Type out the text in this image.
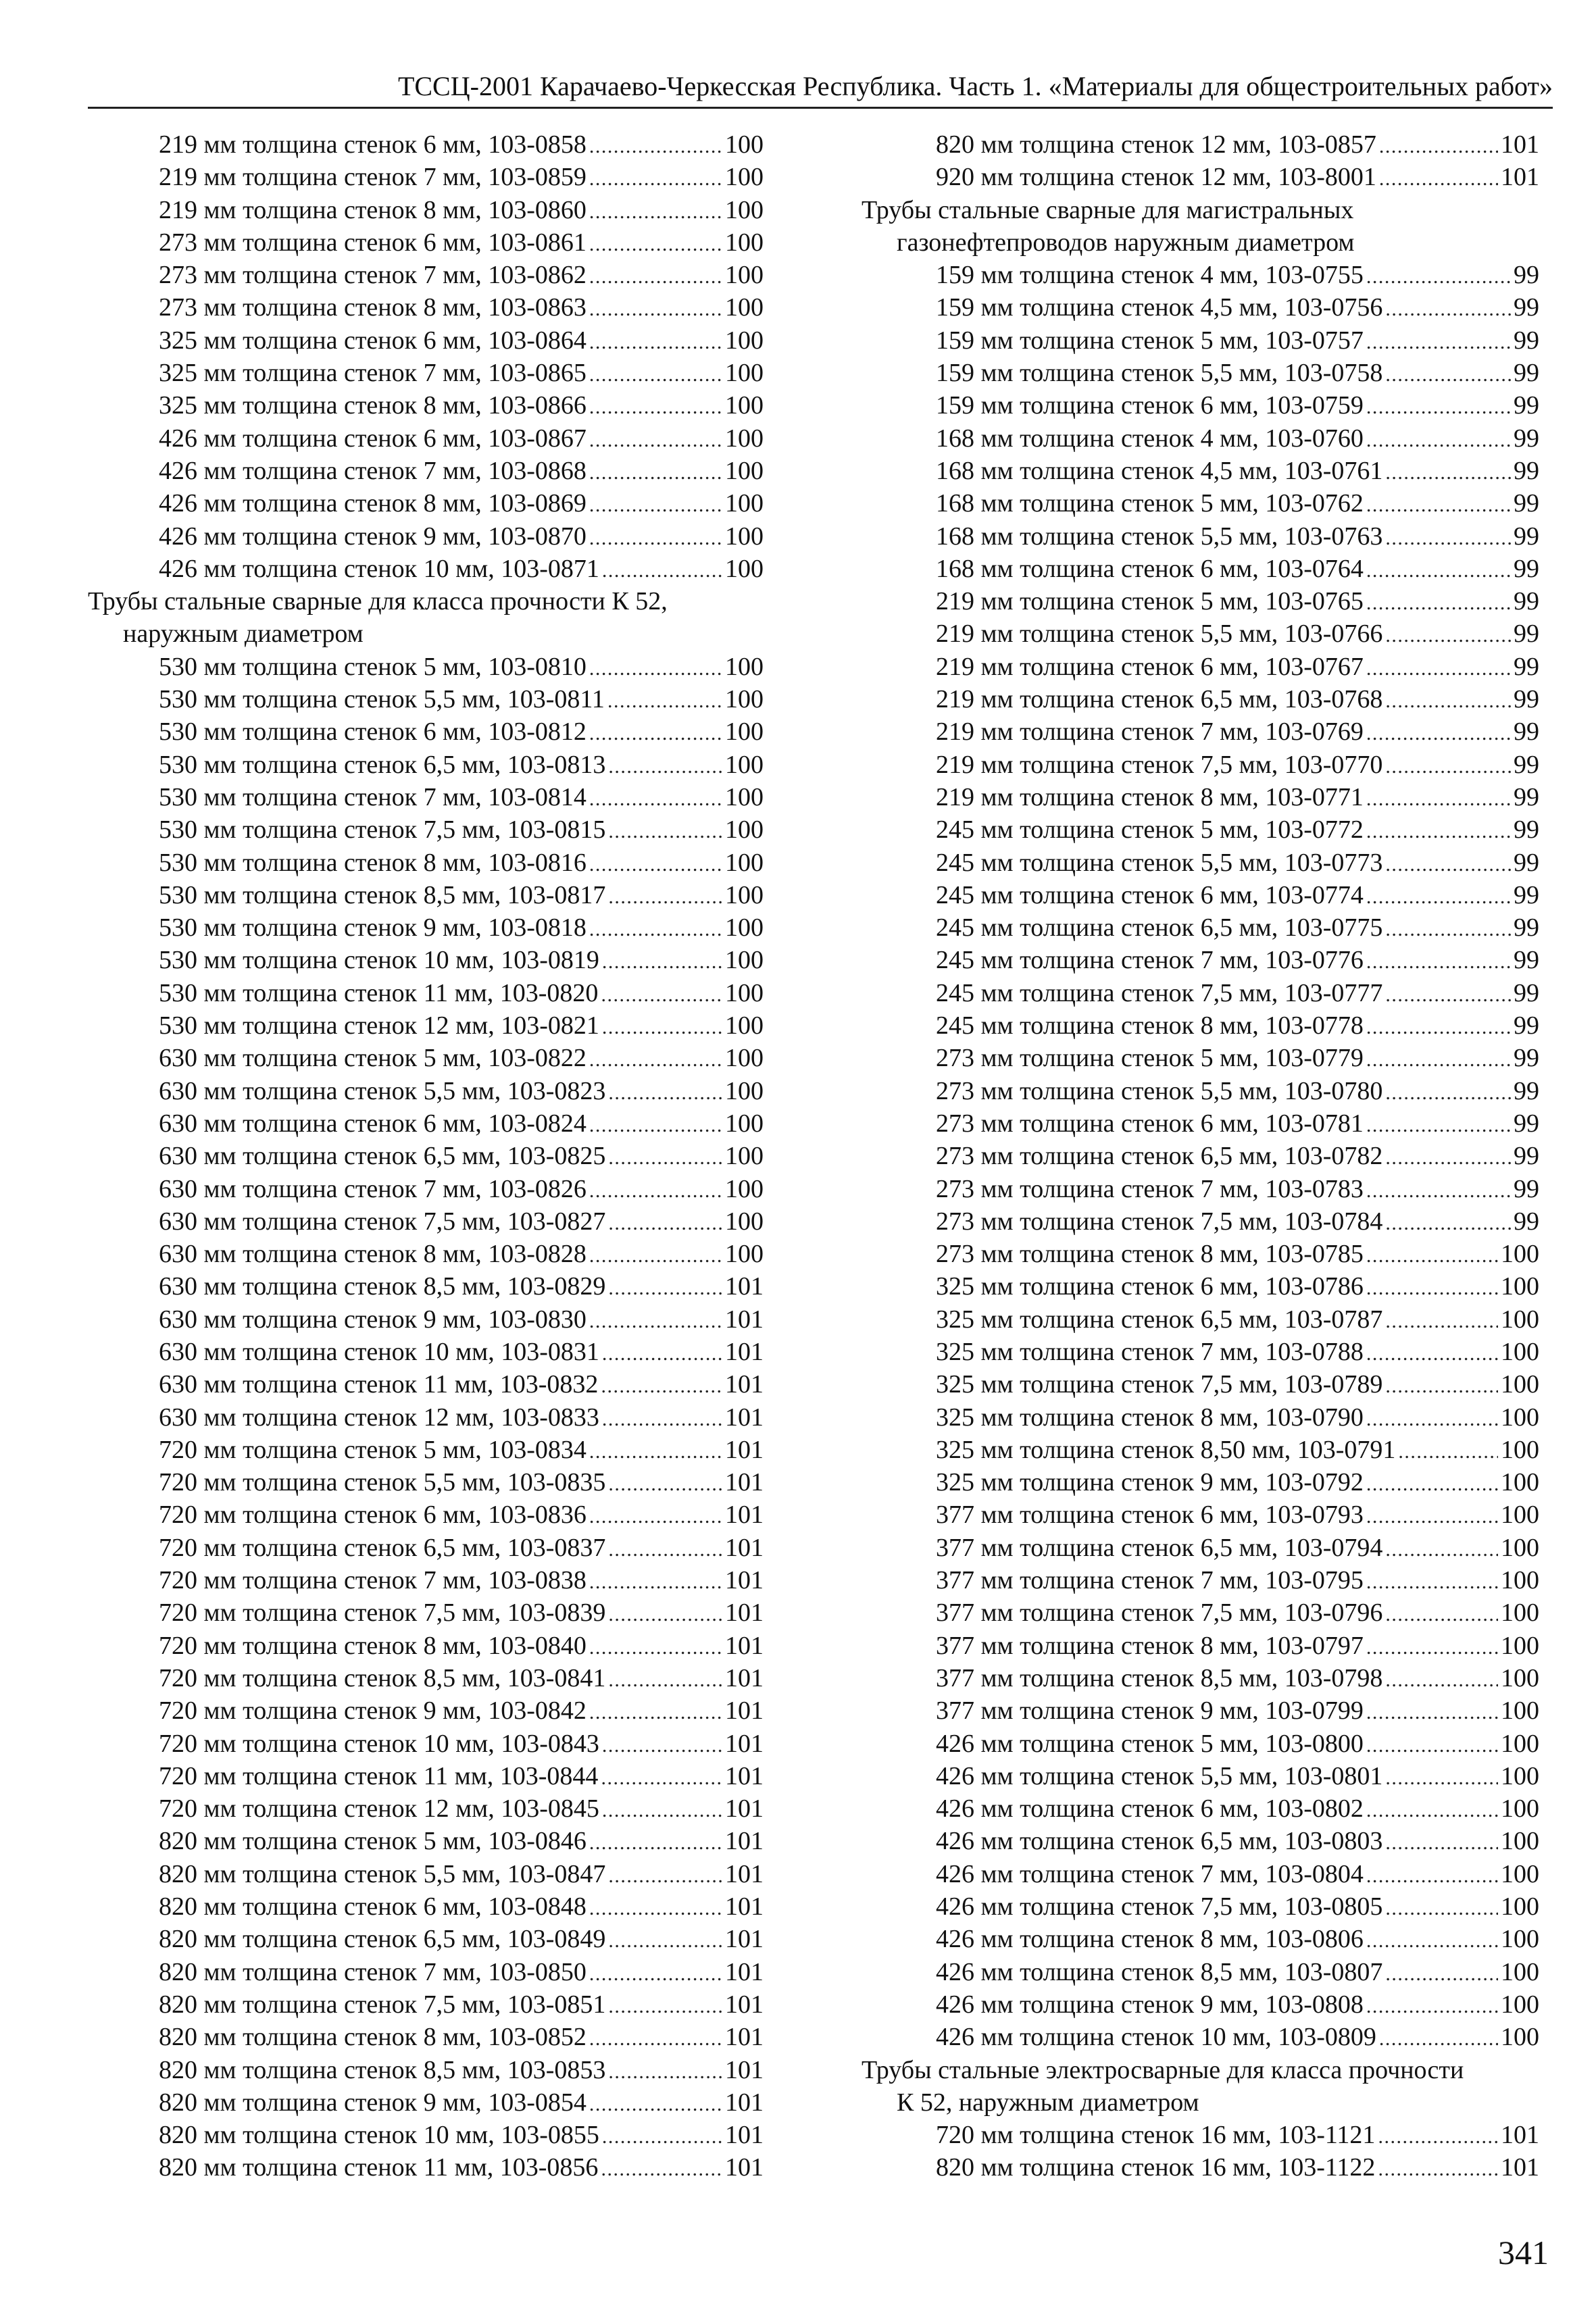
ТССЦ-2001 Карачаево-Черкесская Республика. Часть 1. «Материалы для общестроительных работ»
219 мм толщина стенок 6 мм, 103-0858 . . .	100
219 мм толщина стенок 7 мм, 103-0859 . . .	100
219 мм толщина стенок 8 мм, 103-0860 . . .	100
273 мм толщина стенок 6 мм, 103-0861 . . .	100
273 мм толщина стенок 7 мм, 103-0862 . . .	100
273 мм толщина стенок 8 мм, 103-0863 . . .	100
325 мм толщина стенок 6 мм, 103-0864 . . .	100
325 мм толщина стенок 7 мм, 103-0865 . . .	100
325 мм толщина стенок 8 мм, 103-0866 . . .	100
426 мм толщина стенок 6 мм, 103-0867 . . .	100
426 мм толщина стенок 7 мм, 103-0868 . . .	100
426 мм толщина стенок 8 мм, 103-0869 . . .	100
426 мм толщина стенок 9 мм, 103-0870 . . .	100
426 мм толщина стенок 10 мм, 103-0871 . . .	100
Трубы стальные сварные для класса прочности К 52,
наружным диаметром
530 мм толщина стенок 5 мм, 103-0810 . . .	100
530 мм толщина стенок 5,5 мм, 103-0811 . . .	100
530 мм толщина стенок 6 мм, 103-0812 . . .	100
530 мм толщина стенок 6,5 мм, 103-0813 . . .	100
530 мм толщина стенок 7 мм, 103-0814 . . .	100
530 мм толщина стенок 7,5 мм, 103-0815 . . .	100
530 мм толщина стенок 8 мм, 103-0816 . . .	100
530 мм толщина стенок 8,5 мм, 103-0817 . . .	100
530 мм толщина стенок 9 мм, 103-0818 . . .	100
530 мм толщина стенок 10 мм, 103-0819 . . .	100
530 мм толщина стенок 11 мм, 103-0820 . . .	100
530 мм толщина стенок 12 мм, 103-0821 . . .	100
630 мм толщина стенок 5 мм, 103-0822 . . .	100
630 мм толщина стенок 5,5 мм, 103-0823 . . .	100
630 мм толщина стенок 6 мм, 103-0824 . . .	100
630 мм толщина стенок 6,5 мм, 103-0825 . . .	100
630 мм толщина стенок 7 мм, 103-0826 . . .	100
630 мм толщина стенок 7,5 мм, 103-0827 . . .	100
630 мм толщина стенок 8 мм, 103-0828 . . .	100
630 мм толщина стенок 8,5 мм, 103-0829 . . .	101
630 мм толщина стенок 9 мм, 103-0830 . . .	101
630 мм толщина стенок 10 мм, 103-0831 . . .	101
630 мм толщина стенок 11 мм, 103-0832 . . .	101
630 мм толщина стенок 12 мм, 103-0833 . . .	101
720 мм толщина стенок 5 мм, 103-0834 . . .	101
720 мм толщина стенок 5,5 мм, 103-0835 . . .	101
720 мм толщина стенок 6 мм, 103-0836 . . .	101
720 мм толщина стенок 6,5 мм, 103-0837 . . .	101
720 мм толщина стенок 7 мм, 103-0838 . . .	101
720 мм толщина стенок 7,5 мм, 103-0839 . . .	101
720 мм толщина стенок 8 мм, 103-0840 . . .	101
720 мм толщина стенок 8,5 мм, 103-0841 . . .	101
720 мм толщина стенок 9 мм, 103-0842 . . .	101
720 мм толщина стенок 10 мм, 103-0843 . . .	101
720 мм толщина стенок 11 мм, 103-0844 . . .	101
720 мм толщина стенок 12 мм, 103-0845 . . .	101
820 мм толщина стенок 5 мм, 103-0846 . . .	101
820 мм толщина стенок 5,5 мм, 103-0847 . . .	101
820 мм толщина стенок 6 мм, 103-0848 . . .	101
820 мм толщина стенок 6,5 мм, 103-0849 . . .	101
820 мм толщина стенок 7 мм, 103-0850 . . .	101
820 мм толщина стенок 7,5 мм, 103-0851 . . .	101
820 мм толщина стенок 8 мм, 103-0852 . . .	101
820 мм толщина стенок 8,5 мм, 103-0853 . . .	101
820 мм толщина стенок 9 мм, 103-0854 . . .	101
820 мм толщина стенок 10 мм, 103-0855 . . .	101
820 мм толщина стенок 11 мм, 103-0856 . . .	101
820 мм толщина стенок 12 мм, 103-0857 . . .	101
920 мм толщина стенок 12 мм, 103-8001 . . .	101
Трубы стальные сварные для магистральных
газонефтепроводов наружным диаметром
159 мм толщина стенок 4 мм, 103-0755 . . .	99
159 мм толщина стенок 4,5 мм, 103-0756 . . .	99
159 мм толщина стенок 5 мм, 103-0757 . . .	99
159 мм толщина стенок 5,5 мм, 103-0758 . . .	99
159 мм толщина стенок 6 мм, 103-0759 . . .	99
168 мм толщина стенок 4 мм, 103-0760 . . .	99
168 мм толщина стенок 4,5 мм, 103-0761 . . .	99
168 мм толщина стенок 5 мм, 103-0762 . . .	99
168 мм толщина стенок 5,5 мм, 103-0763 . . .	99
168 мм толщина стенок 6 мм, 103-0764 . . .	99
219 мм толщина стенок 5 мм, 103-0765 . . .	99
219 мм толщина стенок 5,5 мм, 103-0766 . . .	99
219 мм толщина стенок 6 мм, 103-0767 . . .	99
219 мм толщина стенок 6,5 мм, 103-0768 . . .	99
219 мм толщина стенок 7 мм, 103-0769 . . .	99
219 мм толщина стенок 7,5 мм, 103-0770 . . .	99
219 мм толщина стенок 8 мм, 103-0771 . . .	99
245 мм толщина стенок 5 мм, 103-0772 . . .	99
245 мм толщина стенок 5,5 мм, 103-0773 . . .	99
245 мм толщина стенок 6 мм, 103-0774 . . .	99
245 мм толщина стенок 6,5 мм, 103-0775 . . .	99
245 мм толщина стенок 7 мм, 103-0776 . . .	99
245 мм толщина стенок 7,5 мм, 103-0777 . . .	99
245 мм толщина стенок 8 мм, 103-0778 . . .	99
273 мм толщина стенок 5 мм, 103-0779 . . .	99
273 мм толщина стенок 5,5 мм, 103-0780 . . .	99
273 мм толщина стенок 6 мм, 103-0781 . . .	99
273 мм толщина стенок 6,5 мм, 103-0782 . . .	99
273 мм толщина стенок 7 мм, 103-0783 . . .	99
273 мм толщина стенок 7,5 мм, 103-0784 . . .	99
273 мм толщина стенок 8 мм, 103-0785 . . .	100
325 мм толщина стенок 6 мм, 103-0786 . . .	100
325 мм толщина стенок 6,5 мм, 103-0787 . . .	100
325 мм толщина стенок 7 мм, 103-0788 . . .	100
325 мм толщина стенок 7,5 мм, 103-0789 . . .	100
325 мм толщина стенок 8 мм, 103-0790 . . .	100
325 мм толщина стенок 8,50 мм, 103-0791 . . .	100
325 мм толщина стенок 9 мм, 103-0792 . . .	100
377 мм толщина стенок 6 мм, 103-0793 . . .	100
377 мм толщина стенок 6,5 мм, 103-0794 . . .	100
377 мм толщина стенок 7 мм, 103-0795 . . .	100
377 мм толщина стенок 7,5 мм, 103-0796 . . .	100
377 мм толщина стенок 8 мм, 103-0797 . . .	100
377 мм толщина стенок 8,5 мм, 103-0798 . . .	100
377 мм толщина стенок 9 мм, 103-0799 . . .	100
426 мм толщина стенок 5 мм, 103-0800 . . .	100
426 мм толщина стенок 5,5 мм, 103-0801 . . .	100
426 мм толщина стенок 6 мм, 103-0802 . . .	100
426 мм толщина стенок 6,5 мм, 103-0803 . . .	100
426 мм толщина стенок 7 мм, 103-0804 . . .	100
426 мм толщина стенок 7,5 мм, 103-0805 . . .	100
426 мм толщина стенок 8 мм, 103-0806 . . .	100
426 мм толщина стенок 8,5 мм, 103-0807 . . .	100
426 мм толщина стенок 9 мм, 103-0808 . . .	100
426 мм толщина стенок 10 мм, 103-0809 . . .	100
Трубы стальные электросварные для класса прочности
К 52, наружным диаметром
720 мм толщина стенок 16 мм, 103-1121 . . .	101
820 мм толщина стенок 16 мм, 103-1122 . . .	101
341
